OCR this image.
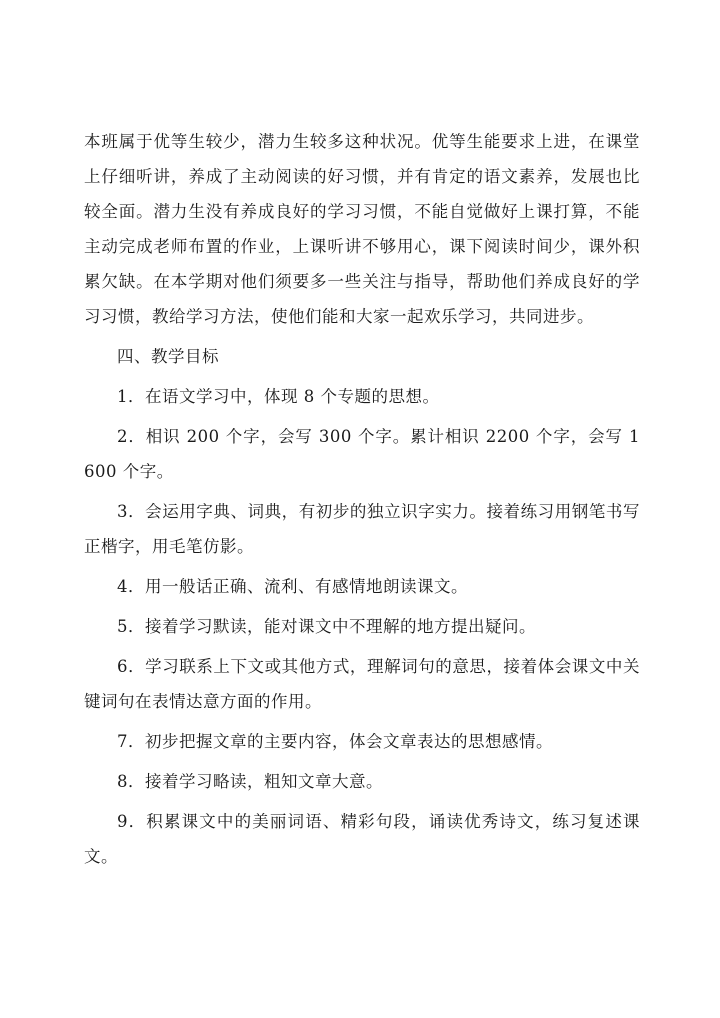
本班属于优等生较少，潜力生较多这种状况。优等生能要求上进，在课堂上仔细听讲，养成了主动阅读的好习惯，并有肯定的语文素养，发展也比较全面。潜力生没有养成良好的学习习惯，不能自觉做好上课打算，不能主动完成老师布置的作业，上课听讲不够用心，课下阅读时间少，课外积累欠缺。在本学期对他们须要多一些关注与指导，帮助他们养成良好的学习习惯，教给学习方法，使他们能和大家一起欢乐学习，共同进步。

四、教学目标

1．在语文学习中，体现 8 个专题的思想。

2．相识 200 个字，会写 300 个字。累计相识 2200 个字，会写 1600 个字。

3．会运用字典、词典，有初步的独立识字实力。接着练习用钢笔书写正楷字，用毛笔仿影。

4．用一般话正确、流利、有感情地朗读课文。

5．接着学习默读，能对课文中不理解的地方提出疑问。

6．学习联系上下文或其他方式，理解词句的意思，接着体会课文中关键词句在表情达意方面的作用。

7．初步把握文章的主要内容，体会文章表达的思想感情。

8．接着学习略读，粗知文章大意。

9．积累课文中的美丽词语、精彩句段，诵读优秀诗文，练习复述课文。
